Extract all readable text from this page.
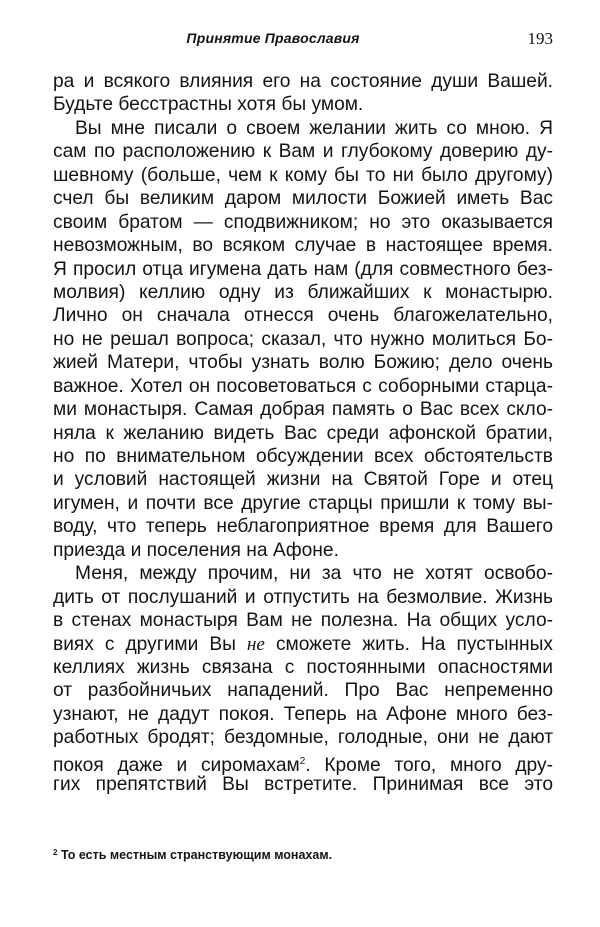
Принятие Православия	193
ра и всякого влияния его на состояние души Вашей.
Будьте бесстрастны хотя бы умом.
Вы мне писали о своем желании жить со мною. Я
сам по расположению к Вам и глубокому доверию ду-
шевному (больше, чем к кому бы то ни было другому)
счел бы великим даром милости Божией иметь Вас
своим братом — сподвижником; но это оказывается
невозможным, во всяком случае в настоящее время.
Я просил отца игумена дать нам (для совместного без-
молвия) келлию одну из ближайших к монастырю.
Лично он сначала отнесся очень благожелательно,
но не решал вопроса; сказал, что нужно молиться Бо-
жией Матери, чтобы узнать волю Божию; дело очень
важное. Хотел он посоветоваться с соборными старца-
ми монастыря. Самая добрая память о Вас всех скло-
няла к желанию видеть Вас среди афонской братии,
но по внимательном обсуждении всех обстоятельств
и условий настоящей жизни на Святой Горе и отец
игумен, и почти все другие старцы пришли к тому вы-
воду, что теперь неблагоприятное время для Вашего
приезда и поселения на Афоне.
Меня, между прочим, ни за что не хотят освобо-
дить от послушаний и отпустить на безмолвие. Жизнь
в стенах монастыря Вам не полезна. На общих усло-
виях с другими Вы не сможете жить. На пустынных
келлиях жизнь связана с постоянными опасностями
от разбойничьих нападений. Про Вас непременно
узнают, не дадут покоя. Теперь на Афоне много без-
работных бродят; бездомные, голодные, они не дают
покоя даже и сиромахам$^2$. Кроме того, много дру-
гих препятствий Вы встретите. Принимая все это
$^2$ То есть местным странствующим монахам.
